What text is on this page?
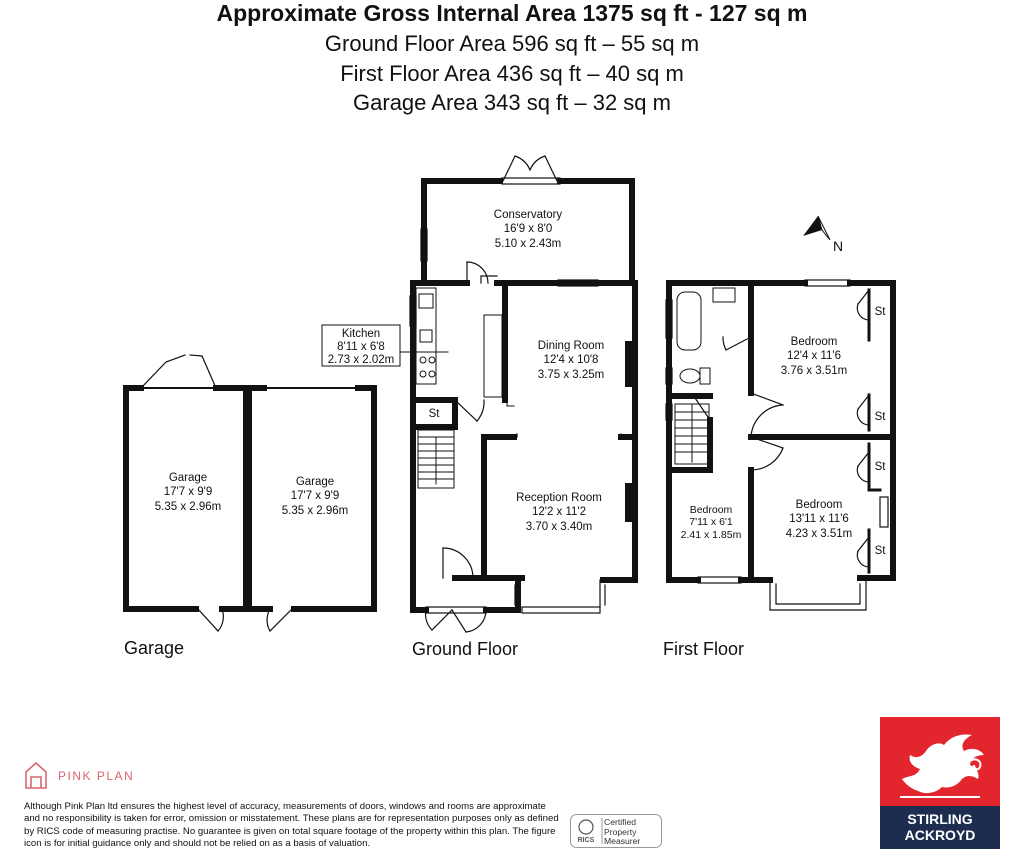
Approximate Gross Internal Area 1375 sq ft - 127 sq m
Ground Floor Area 596 sq ft – 55 sq m
First Floor Area 436 sq ft – 40 sq m
Garage Area 343 sq ft – 32 sq m
N
Conservatory
16'9 x 8'0
5.10 x 2.43m
Kitchen
8'11 x 6'8
2.73 x 2.02m
Dining Room
12'4 x 10'8
3.75 x 3.25m
Reception Room
12'2 x 11'2
3.70 x 3.40m
St
Garage
17'7 x 9'9
5.35 x 2.96m
Garage
17'7 x 9'9
5.35 x 2.96m
Bedroom
12'4 x 11'6
3.76 x 3.51m
Bedroom
7'11 x 6'1
2.41 x 1.85m
Bedroom
13'11 x 11'6
4.23 x 3.51m
St
St
St
St
Garage	Ground Floor	First Floor
PINK PLAN
Although Pink Plan ltd ensures the highest level of accuracy, measurements of doors, windows and rooms are approximate and no responsibility is taken for error, omission or misstatement. These plans are for representation purposes only as defined by RICS code of measuring practise. No guarantee is given on total square footage of the property within this plan. The figure icon is for initial guidance only and should not be relied on as a basis of valuation.	RICS
Certified
Property
Measurer
STIRLING
ACKROYD
